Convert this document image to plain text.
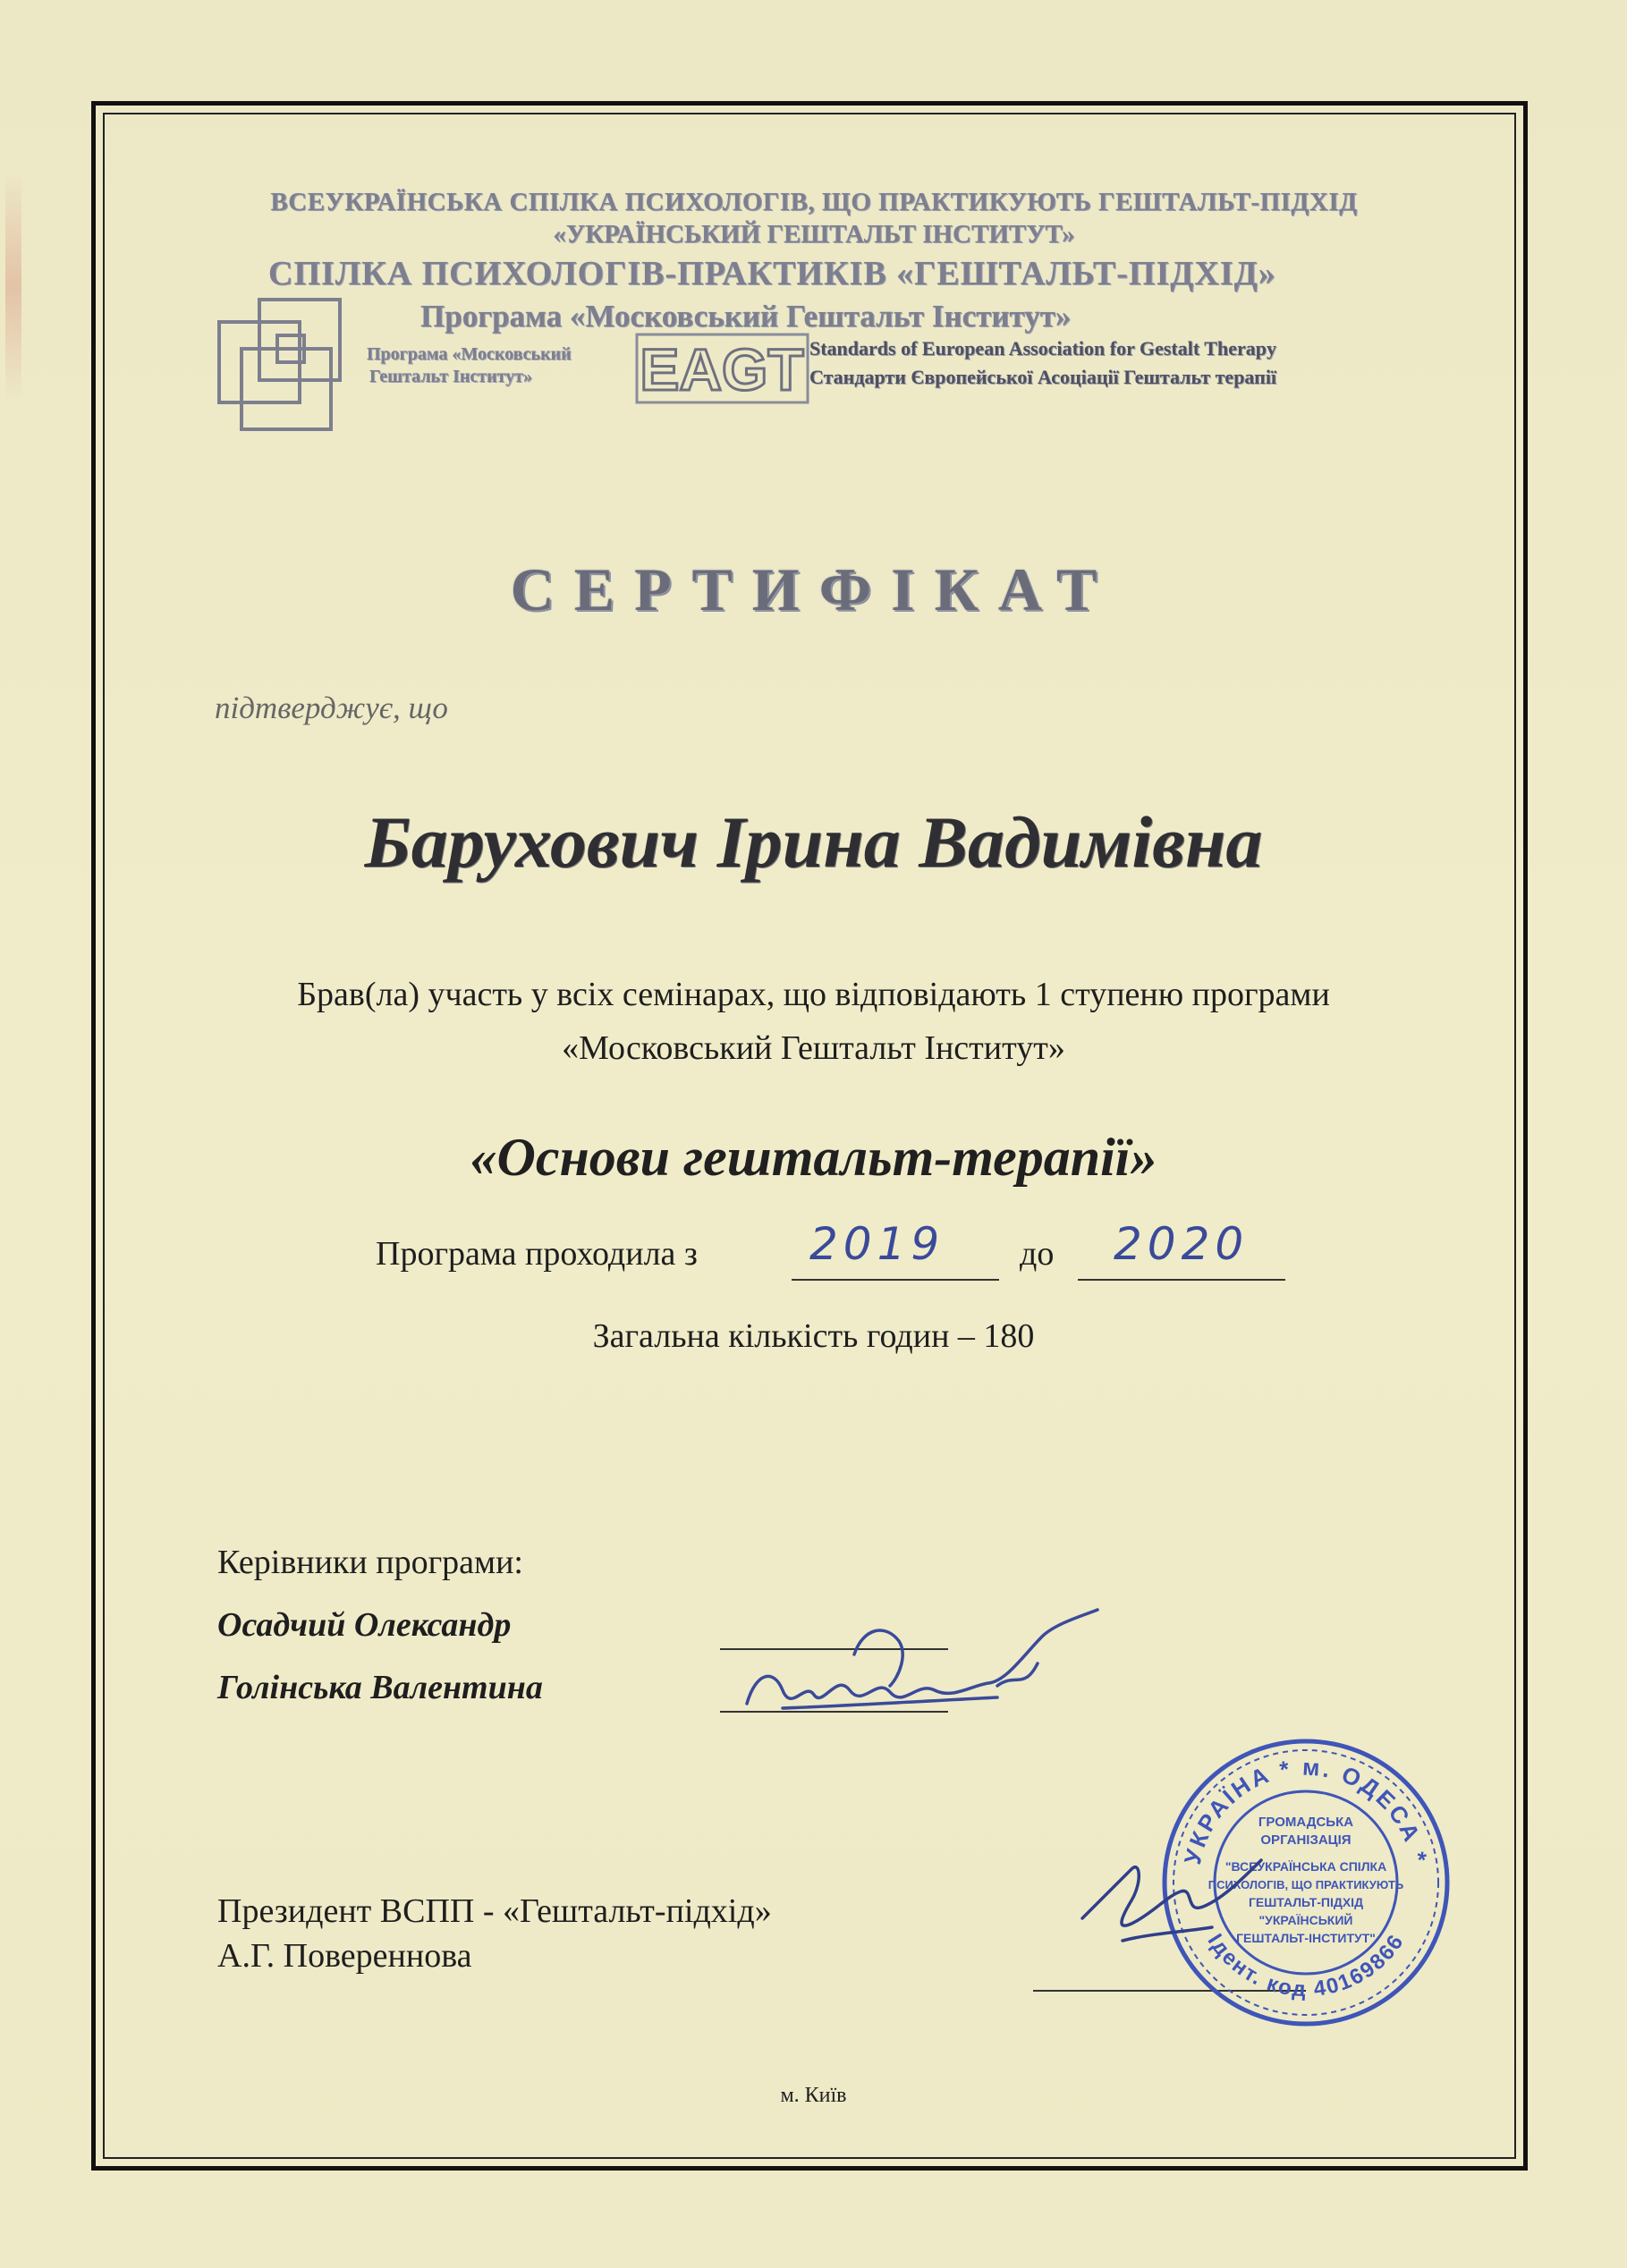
ВСЕУКРАЇНСЬКА СПІЛКА ПСИХОЛОГІВ, ЩО ПРАКТИКУЮТЬ ГЕШТАЛЬТ-ПІДХІД
«УКРАЇНСЬКИЙ ГЕШТАЛЬТ ІНСТИТУТ»
СПІЛКА ПСИХОЛОГІВ-ПРАКТИКІВ «ГЕШТАЛЬТ-ПІДХІД»
Програма «Московський Гештальт Інститут»
Програма «Московський
Гештальт Інститут» EAGT Standards of European Association for Gestalt Therapy
Стандарти Європейської Асоціації Гештальт терапії
СЕРТИФІКАТ
підтверджує, що
Барухович Ірина Вадимівна
Брав(ла) участь у всіх семінарах, що відповідають 1 ступеню програми
«Московський Гештальт Інститут»
«Основи гештальт-терапії»
Програма проходила з	2019 до 2020
Загальна кількість годин – 180
Керівники програми:
Осадчий Олександр
Голінська Валентина
Президент ВСПП - «Гештальт-підхід»
А.Г. Повереннова
УКРАЇНА * м. ОДЕСА *
Ідент. код 40169866
ГРОМАДСЬКА
ОРГАНІЗАЦІЯ
"ВСЕУКРАЇНСЬКА СПІЛКА
ПСИХОЛОГІВ, ЩО ПРАКТИКУЮТЬ
ГЕШТАЛЬТ-ПІДХІД
"УКРАЇНСЬКИЙ
ГЕШТАЛЬТ-ІНСТИТУТ"
м. Київ
